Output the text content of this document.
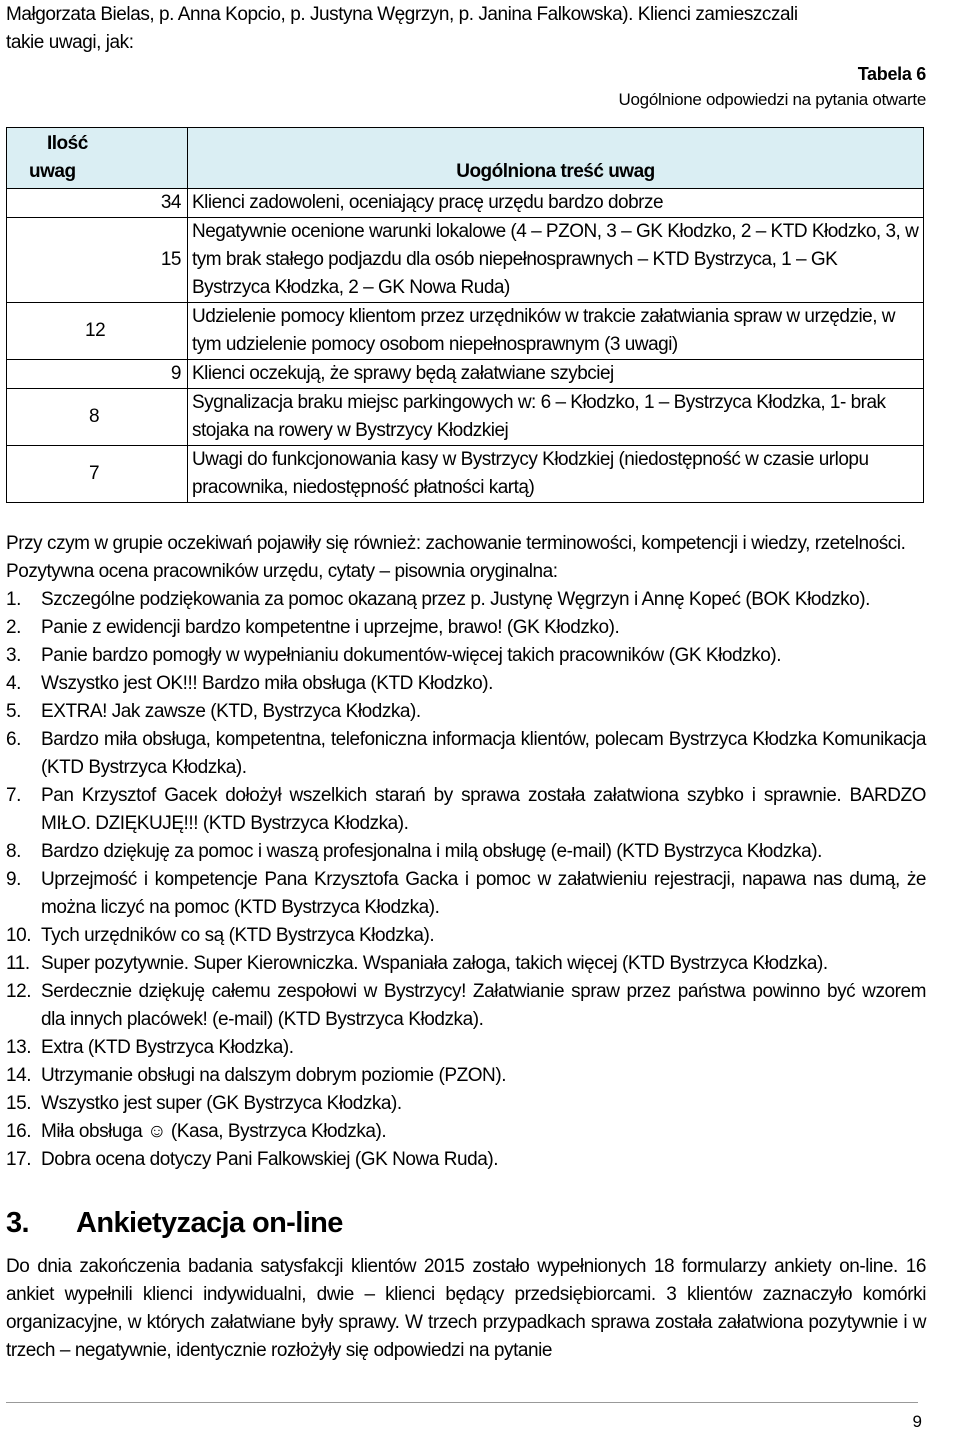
Małgorzata Bielas, p. Anna Kopcio, p. Justyna Węgrzyn, p. Janina Falkowska). Klienci zamieszczali

takie uwagi, jak:

Tabela 6
Uogólnione odpowiedzi na pytania otwarte
Ilość
uwag	Uogólniona treść uwag
34	Klienci zadowoleni, oceniający pracę urzędu bardzo dobrze
15	Negatywnie ocenione warunki lokalowe (4 – PZON, 3 – GK Kłodzko, 2 – KTD Kłodzko, 3, w tym brak stałego podjazdu dla osób niepełnosprawnych – KTD Bystrzyca, 1 – GK Bystrzyca Kłodzka, 2 – GK Nowa Ruda)
12	Udzielenie pomocy klientom przez urzędników w trakcie załatwiania spraw w urzędzie, w tym udzielenie pomocy osobom niepełnosprawnym (3 uwagi)
9	Klienci oczekują, że sprawy będą załatwiane szybciej
8	Sygnalizacja braku miejsc parkingowych w: 6 – Kłodzko, 1 – Bystrzyca Kłodzka, 1- brak stojaka na rowery w Bystrzycy Kłodzkiej
7	Uwagi do funkcjonowania kasy w Bystrzycy Kłodzkiej (niedostępność w czasie urlopu pracownika, niedostępność płatności kartą)

Przy czym w grupie oczekiwań pojawiły się również: zachowanie terminowości, kompetencji i wiedzy, rzetelności.

Pozytywna ocena pracowników urzędu, cytaty – pisownia oryginalna:

1. Szczególne podziękowania za pomoc okazaną przez p. Justynę Węgrzyn i Annę Kopeć (BOK Kłodzko).
2. Panie z ewidencji bardzo kompetentne i uprzejme, brawo! (GK Kłodzko).
3. Panie bardzo pomogły w wypełnianiu dokumentów-więcej takich pracowników (GK Kłodzko).
4. Wszystko jest OK!!! Bardzo miła obsługa (KTD Kłodzko).
5. EXTRA! Jak zawsze (KTD, Bystrzyca Kłodzka).
6. Bardzo miła obsługa, kompetentna, telefoniczna informacja klientów, polecam Bystrzyca Kłodzka Komunikacja (KTD Bystrzyca Kłodzka).
7. Pan Krzysztof Gacek dołożył wszelkich starań by sprawa została załatwiona szybko i sprawnie. BARDZO MIŁO. DZIĘKUJĘ!!! (KTD Bystrzyca Kłodzka).
8. Bardzo dziękuję za pomoc i waszą profesjonalna i milą obsługę (e-mail) (KTD Bystrzyca Kłodzka).
9. Uprzejmość i kompetencje Pana Krzysztofa Gacka i pomoc w załatwieniu rejestracji, napawa nas dumą, że można liczyć na pomoc (KTD Bystrzyca Kłodzka).
10. Tych urzędników co są (KTD Bystrzyca Kłodzka).
11. Super pozytywnie. Super Kierowniczka. Wspaniała załoga, takich więcej (KTD Bystrzyca Kłodzka).
12. Serdecznie dziękuję całemu zespołowi w Bystrzycy! Załatwianie spraw przez państwa powinno być wzorem dla innych placówek! (e-mail) (KTD Bystrzyca Kłodzka).
13. Extra (KTD Bystrzyca Kłodzka).
14. Utrzymanie obsługi na dalszym dobrym poziomie (PZON).
15. Wszystko jest super (GK Bystrzyca Kłodzka).
16. Miła obsługa ☺ (Kasa, Bystrzyca Kłodzka).
17. Dobra ocena dotyczy Pani Falkowskiej (GK Nowa Ruda).
3. Ankietyzacja on-line

Do dnia zakończenia badania satysfakcji klientów 2015 zostało wypełnionych 18 formularzy ankiety on-line. 16 ankiet wypełnili klienci indywidualni, dwie – klienci będący przedsiębiorcami. 3 klientów zaznaczyło komórki organizacyjne, w których załatwiane były sprawy. W trzech przypadkach sprawa została załatwiona pozytywnie i w trzech – negatywnie, identycznie rozłożyły się odpowiedzi na pytanie

9
